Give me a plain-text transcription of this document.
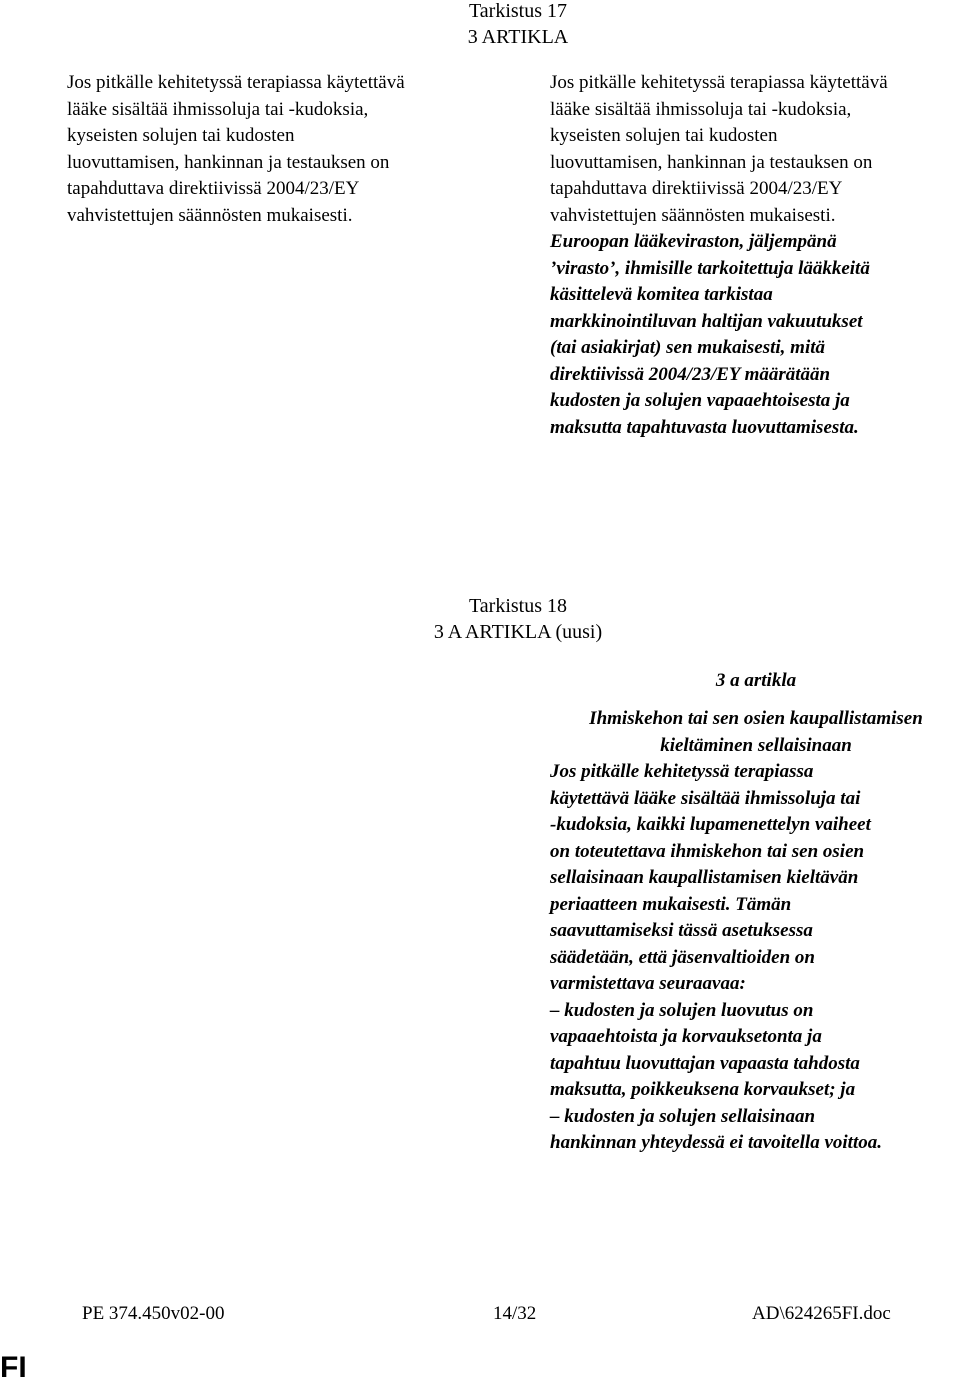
Tarkistus 17
3 ARTIKLA
Jos pitkälle kehitetyssä terapiassa käytettävä
lääke sisältää ihmissoluja tai -kudoksia,
kyseisten solujen tai kudosten
luovuttamisen, hankinnan ja testauksen on
tapahduttava direktiivissä 2004/23/EY
vahvistettujen säännösten mukaisesti.
Jos pitkälle kehitetyssä terapiassa käytettävä
lääke sisältää ihmissoluja tai -kudoksia,
kyseisten solujen tai kudosten
luovuttamisen, hankinnan ja testauksen on
tapahduttava direktiivissä 2004/23/EY
vahvistettujen säännösten mukaisesti.
Euroopan lääkeviraston, jäljempänä
’virasto’, ihmisille tarkoitettuja lääkkeitä
käsittelevä komitea tarkistaa
markkinointiluvan haltijan vakuutukset
(tai asiakirjat) sen mukaisesti, mitä
direktiivissä 2004/23/EY määrätään
kudosten ja solujen vapaaehtoisesta ja
maksutta tapahtuvasta luovuttamisesta.
Tarkistus 18
3 A ARTIKLA (uusi)
3 a artikla
Ihmiskehon tai sen osien kaupallistamisen
kieltäminen sellaisinaan
Jos pitkälle kehitetyssä terapiassa
käytettävä lääke sisältää ihmissoluja tai
-kudoksia, kaikki lupamenettelyn vaiheet
on toteutettava ihmiskehon tai sen osien
sellaisinaan kaupallistamisen kieltävän
periaatteen mukaisesti. Tämän
saavuttamiseksi tässä asetuksessa
säädetään, että jäsenvaltioiden on
varmistettava seuraavaa:
– kudosten ja solujen luovutus on
vapaaehtoista ja korvauksetonta ja
tapahtuu luovuttajan vapaasta tahdosta
maksutta, poikkeuksena korvaukset; ja
– kudosten ja solujen sellaisinaan
hankinnan yhteydessä ei tavoitella voittoa.
PE 374.450v02-00	14/32	AD\624265FI.doc
FI
